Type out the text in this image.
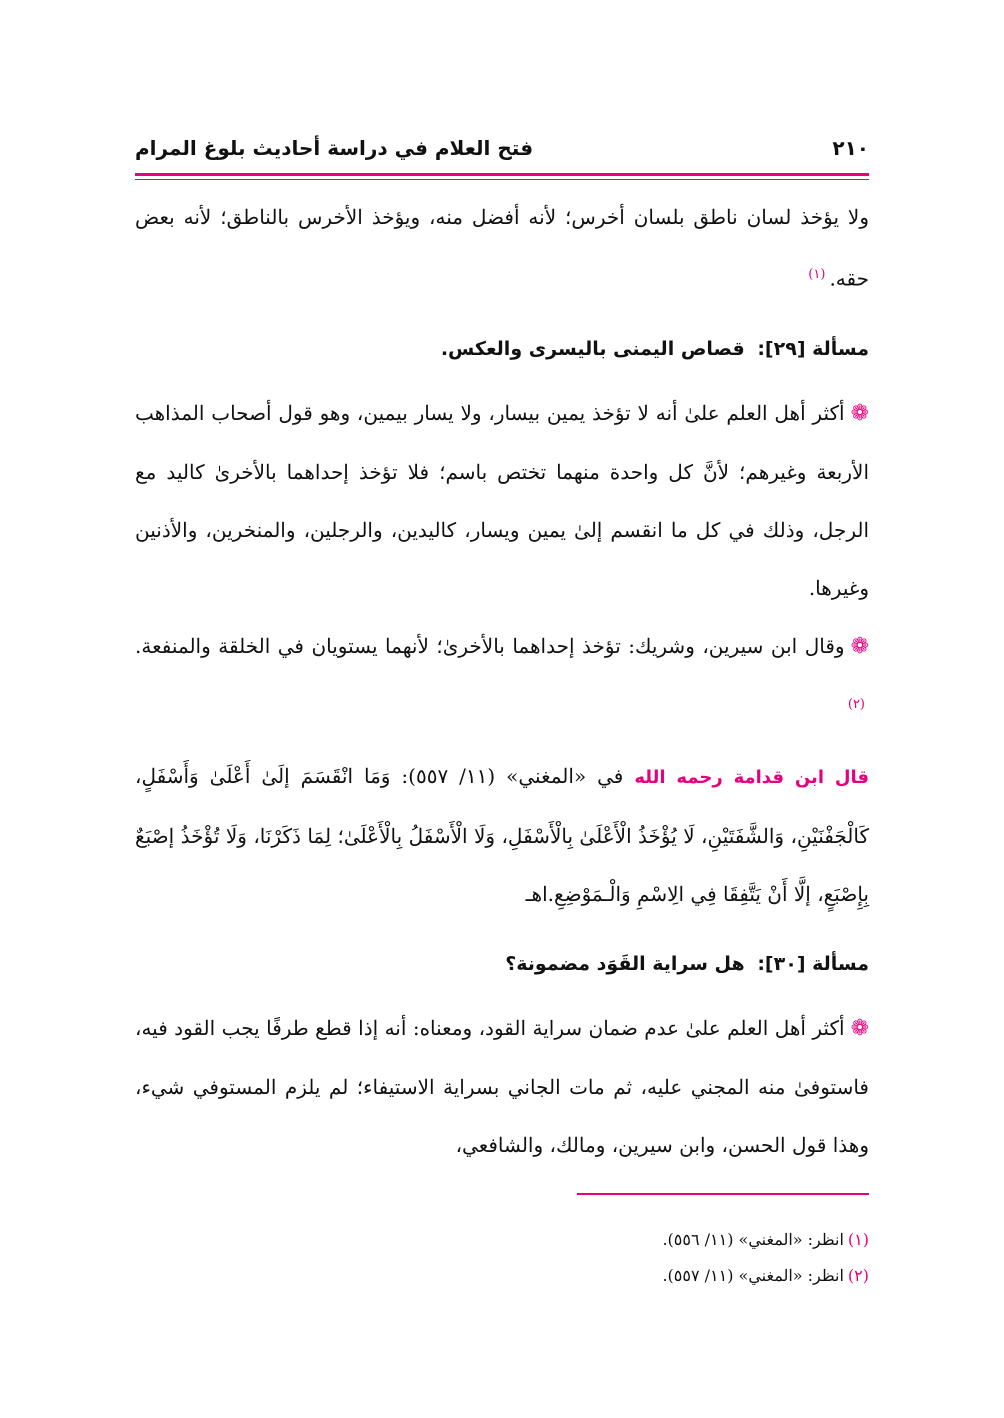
٢١٠
فتح العلام في دراسة أحاديث بلوغ المرام

ولا يؤخذ لسان ناطق بلسان أخرس؛ لأنه أفضل منه، ويؤخذ الأخرس بالناطق؛ لأنه بعض حقه.$^{(١)}$

مسألة [٢٩]: قصاص اليمنى باليسرى والعكس.

❁أكثر أهل العلم علىٰ أنه لا تؤخذ يمين بيسار، ولا يسار بيمين، وهو قول أصحاب المذاهب الأربعة وغيرهم؛ لأنَّ كل واحدة منهما تختص باسم؛ فلا تؤخذ إحداهما بالأخرىٰ كاليد مع الرجل، وذلك في كل ما انقسم إلىٰ يمين ويسار، كاليدين، والرجلين، والمنخرين، والأذنين وغيرها.

❁وقال ابن سيرين، وشريك: تؤخذ إحداهما بالأخرىٰ؛ لأنهما يستويان في الخلقة والمنفعة.$^{(٢)}$

قال ابن قدامة رحمه الله في «المغني» (١١/ ٥٥٧): وَمَا انْقَسَمَ إلَىٰ أَعْلَىٰ وَأَسْفَلٍ، كَالْجَفْنَيْنِ، وَالشَّفَتَيْنِ، لَا يُؤْخَذُ الْأَعْلَىٰ بِالْأَسْفَلِ، وَلَا الْأَسْفَلُ بِالْأَعْلَىٰ؛ لِمَا ذَكَرْنَا، وَلَا تُؤْخَذُ إصْبَعٌ بِإِصْبَعٍ، إلَّا أَنْ يَتَّفِقَا فِي الِاسْمِ وَالْـمَوْضِعِ.اهـ

مسألة [٣٠]: هل سراية القَوَد مضمونة؟

❁أكثر أهل العلم علىٰ عدم ضمان سراية القود، ومعناه: أنه إذا قطع طرفًا يجب القود فيه، فاستوفىٰ منه المجني عليه، ثم مات الجاني بسراية الاستيفاء؛ لم يلزم المستوفي شيء، وهذا قول الحسن، وابن سيرين، ومالك، والشافعي،

(١)انظر: «المغني» (١١/ ٥٥٦).
(٢)انظر: «المغني» (١١/ ٥٥٧).
